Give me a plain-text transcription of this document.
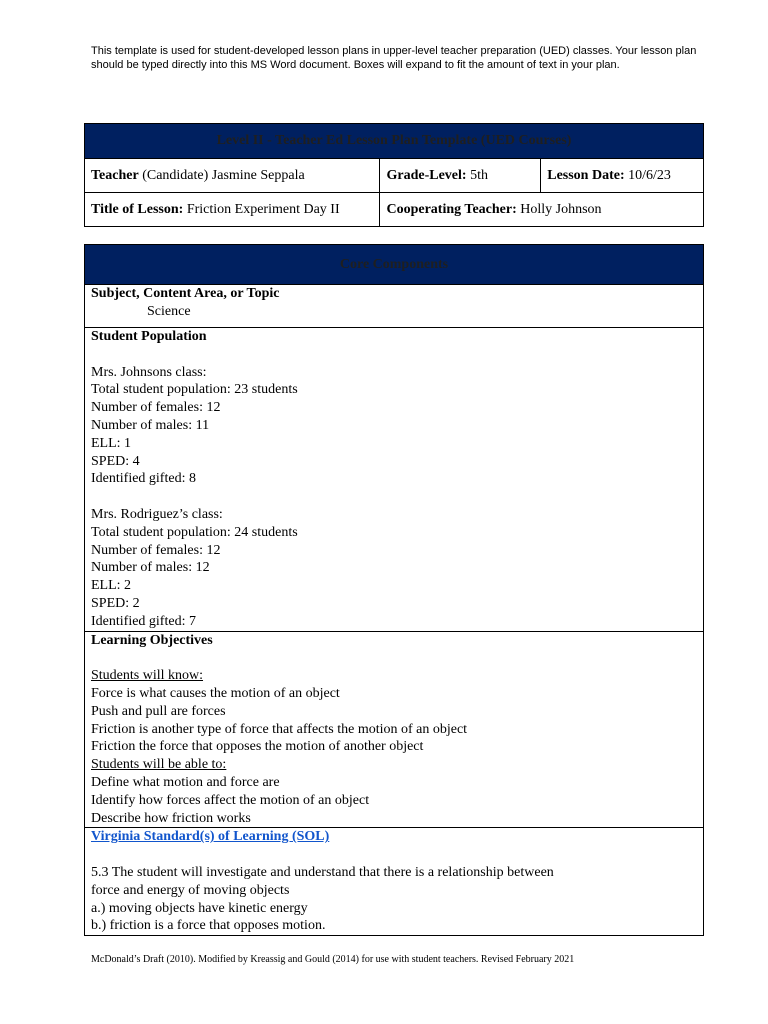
This template is used for student-developed lesson plans in upper-level teacher preparation (UED) classes. Your lesson plan should be typed directly into this MS Word document. Boxes will expand to fit the amount of text in your plan.
Level II - Teacher Ed Lesson Plan Template (UED Courses)		
Teacher (Candidate) Jasmine Seppala	Grade-Level: 5th	Lesson Date: 10/6/23
Title of Lesson: Friction Experiment Day II	Cooperating Teacher: Holly Johnson	
Core Components

Subject, Content Area, or Topic
Science

Student Population

Mrs. Johnsons class:
Total student population: 23 students
Number of females: 12
Number of males: 11
ELL: 1
SPED: 4
Identified gifted: 8

Mrs. Rodriguez’s class:
Total student population: 24 students
Number of females: 12
Number of males: 12
ELL: 2
SPED: 2
Identified gifted: 7

Learning Objectives

Students will know:
Force is what causes the motion of an object
Push and pull are forces
Friction is another type of force that affects the motion of an object
Friction the force that opposes the motion of another object
Students will be able to:
Define what motion and force are
Identify how forces affect the motion of an object
Describe how friction works

Virginia Standard(s) of Learning (SOL)

5.3 The student will investigate and understand that there is a relationship between
force and energy of moving objects
a.) moving objects have kinetic energy
b.) friction is a force that opposes motion.
McDonald’s Draft (2010). Modified by Kreassig and Gould (2014) for use with student teachers. Revised February 2021
